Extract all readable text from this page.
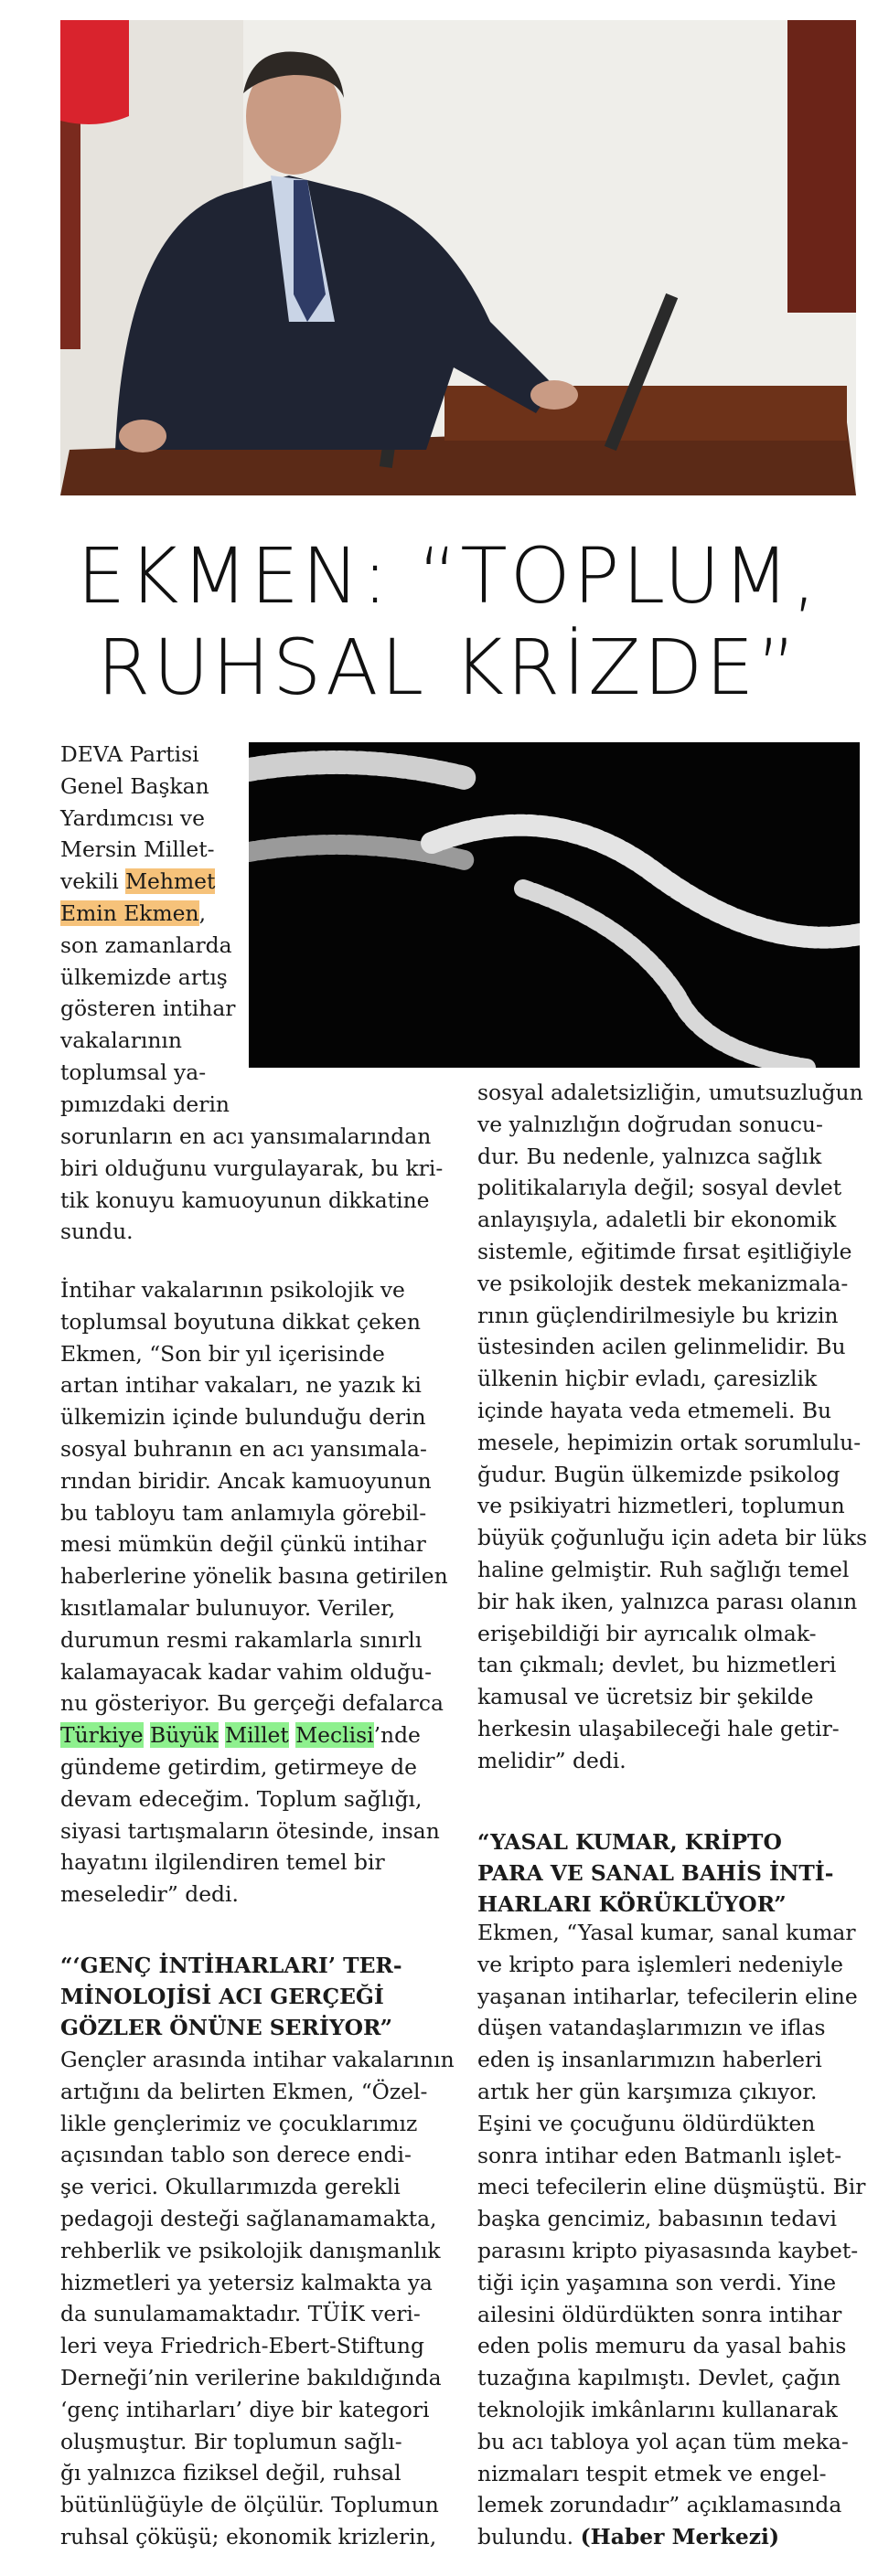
EKMEN: “TOPLUM,
RUHSAL KRİZDE”
DEVA Partisi
Genel Başkan
Yardımcısı ve
Mersin Millet-
vekili Mehmet
Emin Ekmen,
son zamanlarda
ülkemizde artış
gösteren intihar
vakalarının
toplumsal ya-
pımızdaki derin
sorunların en acı yansımalarından
biri olduğunu vurgulayarak, bu kri-
tik konuyu kamuoyunun dikkatine
sundu.
İntihar vakalarının psikolojik ve
toplumsal boyutuna dikkat çeken
Ekmen, “Son bir yıl içerisinde
artan intihar vakaları, ne yazık ki
ülkemizin içinde bulunduğu derin
sosyal buhranın en acı yansımala-
rından biridir. Ancak kamuoyunun
bu tabloyu tam anlamıyla görebil-
mesi mümkün değil çünkü intihar
haberlerine yönelik basına getirilen
kısıtlamalar bulunuyor. Veriler,
durumun resmi rakamlarla sınırlı
kalamayacak kadar vahim olduğu-
nu gösteriyor. Bu gerçeği defalarca
Türkiye Büyük Millet Meclisi’nde
gündeme getirdim, getirmeye de
devam edeceğim. Toplum sağlığı,
siyasi tartışmaların ötesinde, insan
hayatını ilgilendiren temel bir
meseledir” dedi.
“‘GENÇ İNTİHARLARI’ TER-
MİNOLOJİSİ ACI GERÇEĞİ
GÖZLER ÖNÜNE SERİYOR”
Gençler arasında intihar vakalarının
artığını da belirten Ekmen, “Özel-
likle gençlerimiz ve çocuklarımız
açısından tablo son derece endi-
şe verici. Okullarımızda gerekli
pedagoji desteği sağlanamamakta,
rehberlik ve psikolojik danışmanlık
hizmetleri ya yetersiz kalmakta ya
da sunulamamaktadır. TÜİK veri-
leri veya Friedrich-Ebert-Stiftung
Derneği’nin verilerine bakıldığında
‘genç intiharları’ diye bir kategori
oluşmuştur. Bir toplumun sağlı-
ğı yalnızca fiziksel değil, ruhsal
bütünlüğüyle de ölçülür. Toplumun
ruhsal çöküşü; ekonomik krizlerin,
sosyal adaletsizliğin, umutsuzluğun
ve yalnızlığın doğrudan sonucu-
dur. Bu nedenle, yalnızca sağlık
politikalarıyla değil; sosyal devlet
anlayışıyla, adaletli bir ekonomik
sistemle, eğitimde fırsat eşitliğiyle
ve psikolojik destek mekanizmala-
rının güçlendirilmesiyle bu krizin
üstesinden acilen gelinmelidir. Bu
ülkenin hiçbir evladı, çaresizlik
içinde hayata veda etmemeli. Bu
mesele, hepimizin ortak sorumlulu-
ğudur. Bugün ülkemizde psikolog
ve psikiyatri hizmetleri, toplumun
büyük çoğunluğu için adeta bir lüks
haline gelmiştir. Ruh sağlığı temel
bir hak iken, yalnızca parası olanın
erişebildiği bir ayrıcalık olmak-
tan çıkmalı; devlet, bu hizmetleri
kamusal ve ücretsiz bir şekilde
herkesin ulaşabileceği hale getir-
melidir” dedi.
“YASAL KUMAR, KRİPTO
PARA VE SANAL BAHİS İNTİ-
HARLARI KÖRÜKLÜYOR”
Ekmen, “Yasal kumar, sanal kumar
ve kripto para işlemleri nedeniyle
yaşanan intiharlar, tefecilerin eline
düşen vatandaşlarımızın ve iflas
eden iş insanlarımızın haberleri
artık her gün karşımıza çıkıyor.
Eşini ve çocuğunu öldürdükten
sonra intihar eden Batmanlı işlet-
meci tefecilerin eline düşmüştü. Bir
başka gencimiz, babasının tedavi
parasını kripto piyasasında kaybet-
tiği için yaşamına son verdi. Yine
ailesini öldürdükten sonra intihar
eden polis memuru da yasal bahis
tuzağına kapılmıştı. Devlet, çağın
teknolojik imkânlarını kullanarak
bu acı tabloya yol açan tüm meka-
nizmaları tespit etmek ve engel-
lemek zorundadır” açıklamasında
bulundu. (Haber Merkezi)
